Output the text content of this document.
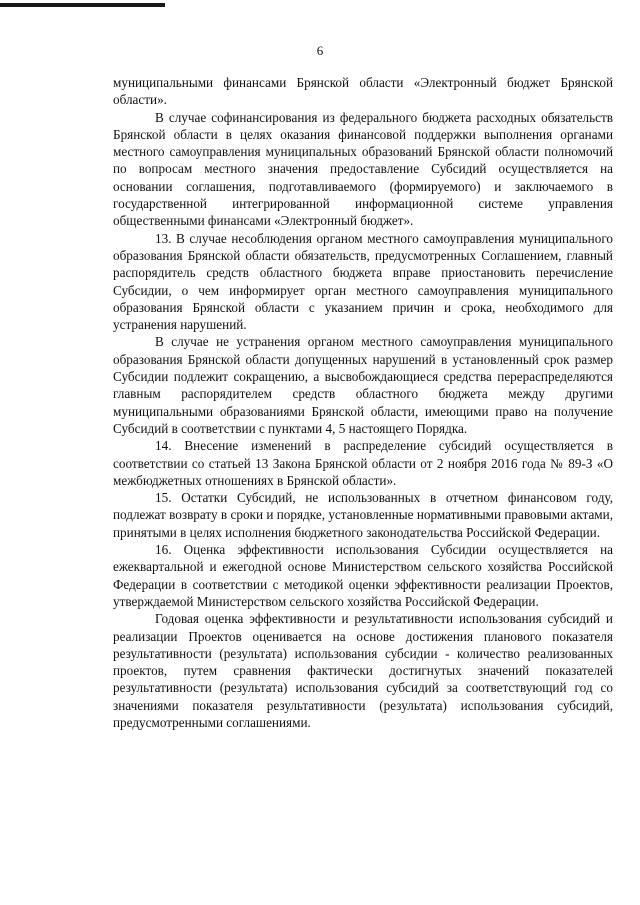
6

муниципальными финансами Брянской области «Электронный бюджет Брянской области».

В случае софинансирования из федерального бюджета расходных обязательств Брянской области в целях оказания финансовой поддержки выполнения органами местного самоуправления муниципальных образований Брянской области полномочий по вопросам местного значения предоставление Субсидий осуществляется на основании соглашения, подготавливаемого (формируемого) и заключаемого в государственной интегрированной информационной системе управления общественными финансами «Электронный бюджет».

13. В случае несоблюдения органом местного самоуправления муниципального образования Брянской области обязательств, предусмотренных Соглашением, главный распорядитель средств областного бюджета вправе приостановить перечисление Субсидии, о чем информирует орган местного самоуправления муниципального образования Брянской области с указанием причин и срока, необходимого для устранения нарушений.

В случае не устранения органом местного самоуправления муниципального образования Брянской области допущенных нарушений в установленный срок размер Субсидии подлежит сокращению, а высвобождающиеся средства перераспределяются главным распорядителем средств областного бюджета между другими муниципальными образованиями Брянской области, имеющими право на получение Субсидий в соответствии с пунктами 4, 5 настоящего Порядка.

14. Внесение изменений в распределение субсидий осуществляется в соответствии со статьей 13 Закона Брянской области от 2 ноября 2016 года № 89-З «О межбюджетных отношениях в Брянской области».

15. Остатки Субсидий, не использованных в отчетном финансовом году, подлежат возврату в сроки и порядке, установленные нормативными правовыми актами, принятыми в целях исполнения бюджетного законодательства Российской Федерации.

16. Оценка эффективности использования Субсидии осуществляется на ежеквартальной и ежегодной основе Министерством сельского хозяйства Российской Федерации в соответствии с методикой оценки эффективности реализации Проектов, утверждаемой Министерством сельского хозяйства Российской Федерации.

Годовая оценка эффективности и результативности использования субсидий и реализации Проектов оценивается на основе достижения планового показателя результативности (результата) использования субсидии - количество реализованных проектов, путем сравнения фактически достигнутых значений показателей результативности (результата) использования субсидий за соответствующий год со значениями показателя результативности (результата) использования субсидий, предусмотренными соглашениями.
